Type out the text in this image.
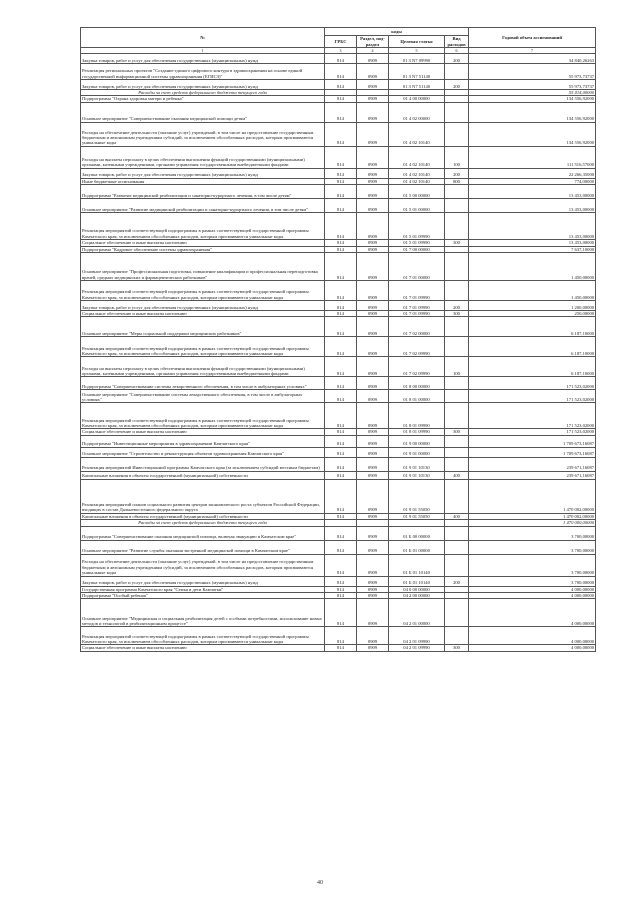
№	коды				Годовой объем ассигнований
	ГРБС	Раздел, под- раздел	Целевая статья	Вид расходов	
1	3	4	5	6	7
Закупка товаров, работ и услуг для обеспечения государственных (муниципальных) нужд	814	0909	01 3 N7 09990	200	34 840,26263
Реализация региональных проектов "Создание единого цифрового контура в здравоохранении на основе единой государственной информационной системы здравоохранения (ЕГИСЗ)"	814	0909	01 3 N7 51140		55 973,73737
Закупка товаров, работ и услуг для обеспечения государственных (муниципальных) нужд	814	0909	01 3 N7 51140	200	55 973,73737
Расходы за счет средств федерального бюджета текущего года					55 414,00000
Подпрограмма "Охрана здоровья матери и ребенка"	814	0909	01 4 00 00000		134 556,92000
Основное мероприятие "Совершенствование оказания медицинской помощи детям"	814	0909	01 4 02 00000		134 556,92000
Расходы на обеспечение деятельности (оказание услуг) учреждений, в том числе на предоставление государственным бюджетным и автономным учреждениям субсидий, за исключением обособленных расходов, которым присваиваются уникальные коды	814	0909	01 4 02 10140		134 556,92000
Расходы на выплаты персоналу в целях обеспечения выполнения функций государственными (муниципальными) органами, казенными учреждениями, органами управления государственными внебюджетными фондами	814	0909	01 4 02 10140	100	111 516,57000
Закупка товаров, работ и услуг для обеспечения государственных (муниципальных) нужд	814	0909	01 4 02 10140	200	22 266,35000
Иные бюджетные ассигнования	814	0909	01 4 02 10140	800	774,00000
Подпрограмма "Развитие медицинской реабилитации и санаторно-курортного лечения, в том числе детям"	814	0909	01 5 00 00000		13 453,00000
Основное мероприятие "Развитие медицинской реабилитации и санаторно-курортного лечения, в том числе детям"	814	0909	01 5 01 00000		13 453,00000
Реализация мероприятий соответствующей подпрограммы в рамках соответствующей государственной программы Камчатского края, за исключением обособленных расходов, которым присваиваются уникальные коды	814	0909	01 5 01 09990		13 453,00000
Социальное обеспечение и иные выплаты населению	814	0909	01 5 01 09990	300	13 453,00000
Подпрограмма "Кадровое обеспечение системы здравоохранения"	814	0909	01 7 00 00000		7 637,10000
Основное мероприятие "Профессиональная подготовка, повышение квалификации и профессиональная переподготовка врачей, средних медицинских и фармацевтических работников"	814	0909	01 7 01 00000		1 450,00000
Реализация мероприятий соответствующей подпрограммы в рамках соответствующей государственной программы Камчатского края, за исключением обособленных расходов, которым присваиваются уникальные коды	814	0909	01 7 01 09990		1 450,00000
Закупка товаров, работ и услуг для обеспечения государственных (муниципальных) нужд	814	0909	01 7 01 09990	200	1 200,00000
Социальное обеспечение и иные выплаты населению	814	0909	01 7 01 09990	300	250,00000
Основное мероприятие "Меры социальной поддержки медицинских работников"	814	0909	01 7 02 00000		6 187,10000
Реализация мероприятий соответствующей подпрограммы в рамках соответствующей государственной программы Камчатского края, за исключением обособленных расходов, которым присваиваются уникальные коды	814	0909	01 7 02 09990		6 187,10000
Расходы на выплаты персоналу в целях обеспечения выполнения функций государственными (муниципальными) органами, казенными учреждениями, органами управления государственными внебюджетными фондами	814	0909	01 7 02 09990	100	6 187,10000
Подпрограмма "Совершенствование системы лекарственного обеспечения, в том числе в амбулаторных условиях"	814	0909	01 8 00 00000		171 523,02000
Основное мероприятие "Совершенствование системы лекарственного обеспечения, в том числе в амбулаторных условиях"	814	0909	01 8 01 00000		171 523,02000
Реализация мероприятий соответствующей подпрограммы в рамках соответствующей государственной программы Камчатского края, за исключением обособленных расходов, которым присваиваются уникальные коды	814	0909	01 8 01 09990		171 523,02000
Социальное обеспечение и иные выплаты населению	814	0909	01 8 01 09990	300	171 523,02000
Подпрограмма "Инвестиционные мероприятия в здравоохранении Камчатского края"	814	0909	01 9 00 00000		1 709 673,16087
Основное мероприятие "Строительство и реконструкция объектов здравоохранения Камчатского края"	814	0909	01 9 01 00000		1 709 673,16087
Реализация мероприятий Инвестиционной программы Камчатского края (за исключением субсидий местным бюджетам)	814	0909	01 9 01 10130		239 671,16087
Капитальные вложения в объекты государственной (муниципальной) собственности	814	0909	01 9 01 10130	400	239 671,16087
Реализация мероприятий планов социального развития центров экономического роста субъектов Российской Федерации, входящих в состав Дальневосточного федерального округа	814	0909	01 9 01 55050		1 470 002,00000
Капитальные вложения в объекты государственной (муниципальной) собственности	814	0909	01 9 01 55050	400	1 470 002,00000
Расходы за счет средств федерального бюджета текущего года					1 470 000,00000
Подпрограмма "Совершенствование оказания медицинской помощи, включая эвакуацию в Камчатском крае"	814	0909	01 Б 00 00000		3 700,00000
Основное мероприятие "Развитие службы оказания экстренной медицинской помощи в Камчатском крае"	814	0909	01 Б 01 00000		3 700,00000
Расходы на обеспечение деятельности (оказание услуг) учреждений, в том числе на предоставление государственным бюджетным и автономным учреждениям субсидий, за исключением обособленных расходов, которым присваиваются уникальные коды	814	0909	01 Б 01 10140		3 700,00000
Закупка товаров, работ и услуг для обеспечения государственных (муниципальных) нужд	814	0909	01 Б 01 10140	200	3 700,00000
Государственная программа Камчатского края "Семья и дети Камчатки"	814	0909	04 0 00 00000		4 000,00000
Подпрограмма "Особый ребенок"	814	0909	04 2 00 00000		4 000,00000
Основное мероприятие "Медицинская и социальная реабилитация детей с особыми потребностями, использование новых методов и технологий в реабилитационном процессе"	814	0909	04 2 01 00000		4 000,00000
Реализация мероприятий соответствующей подпрограммы в рамках соответствующей государственной программы Камчатского края, за исключением обособленных расходов, которым присваиваются уникальные коды	814	0909	04 2 01 09990		4 000,00000
Социальное обеспечение и иные выплаты населению	814	0909	04 2 01 09990	300	4 000,00000
40
